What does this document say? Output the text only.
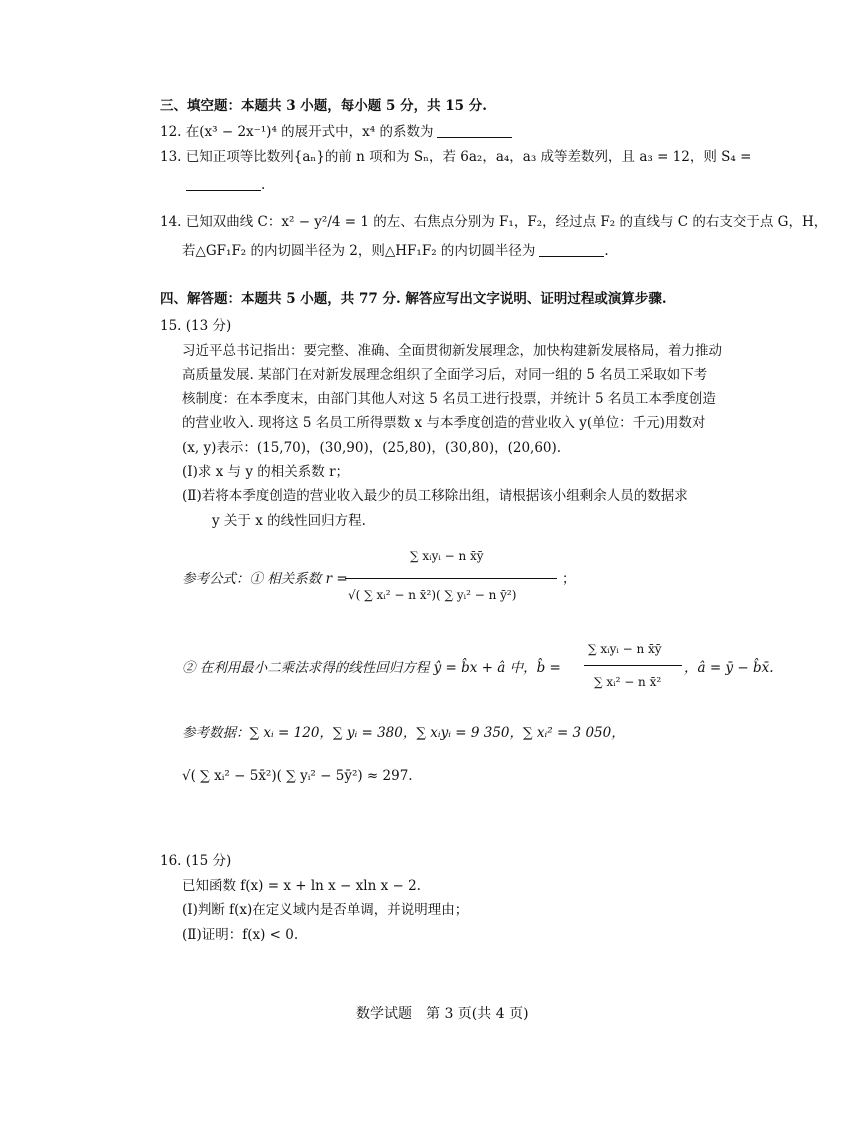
三、填空题：本题共 3 小题，每小题 5 分，共 15 分.
12. 在(x³ − 2x⁻¹)⁴ 的展开式中，x⁴ 的系数为
13. 已知正项等比数列{aₙ}的前 n 项和为 Sₙ，若 6a₂，a₄，a₃ 成等差数列，且 a₃ = 12，则 S₄ =
.
14. 已知双曲线 C：x² − y²/4 = 1 的左、右焦点分别为 F₁，F₂，经过点 F₂ 的直线与 C 的右支交于点 G，H，
若△GF₁F₂ 的内切圆半径为 2，则△HF₁F₂ 的内切圆半径为	.
四、解答题：本题共 5 小题，共 77 分. 解答应写出文字说明、证明过程或演算步骤.
15. (13 分)
习近平总书记指出：要完整、准确、全面贯彻新发展理念，加快构建新发展格局，着力推动
高质量发展. 某部门在对新发展理念组织了全面学习后，对同一组的 5 名员工采取如下考
核制度：在本季度末，由部门其他人对这 5 名员工进行投票，并统计 5 名员工本季度创造
的营业收入. 现将这 5 名员工所得票数 x 与本季度创造的营业收入 y(单位：千元)用数对
(x, y)表示：(15,70)，(30,90)，(25,80)，(30,80)，(20,60).
(Ⅰ)求 x 与 y 的相关系数 r；
(Ⅱ)若将本季度创造的营业收入最少的员工移除出组，请根据该小组剩余人员的数据求
y 关于 x 的线性回归方程.
参考公式：① 相关系数 r =
∑ xᵢyᵢ − n x̄ȳ
√( ∑ xᵢ² − n x̄²)( ∑ yᵢ² − n ȳ²)
；
② 在利用最小二乘法求得的线性回归方程 ŷ = b̂x + â 中，b̂ =
∑ xᵢyᵢ − n x̄ȳ
∑ xᵢ² − n x̄²
，â = ȳ − b̂x̄.
参考数据：∑ xᵢ = 120，∑ yᵢ = 380，∑ xᵢyᵢ = 9 350，∑ xᵢ² = 3 050，
√( ∑ xᵢ² − 5x̄²)( ∑ yᵢ² − 5ȳ²) ≈ 297.
16. (15 分)
已知函数 f(x) = x + ln x − xln x − 2.
(Ⅰ)判断 f(x)在定义域内是否单调，并说明理由；
(Ⅱ)证明：f(x) < 0.
数学试题　第 3 页(共 4 页)
